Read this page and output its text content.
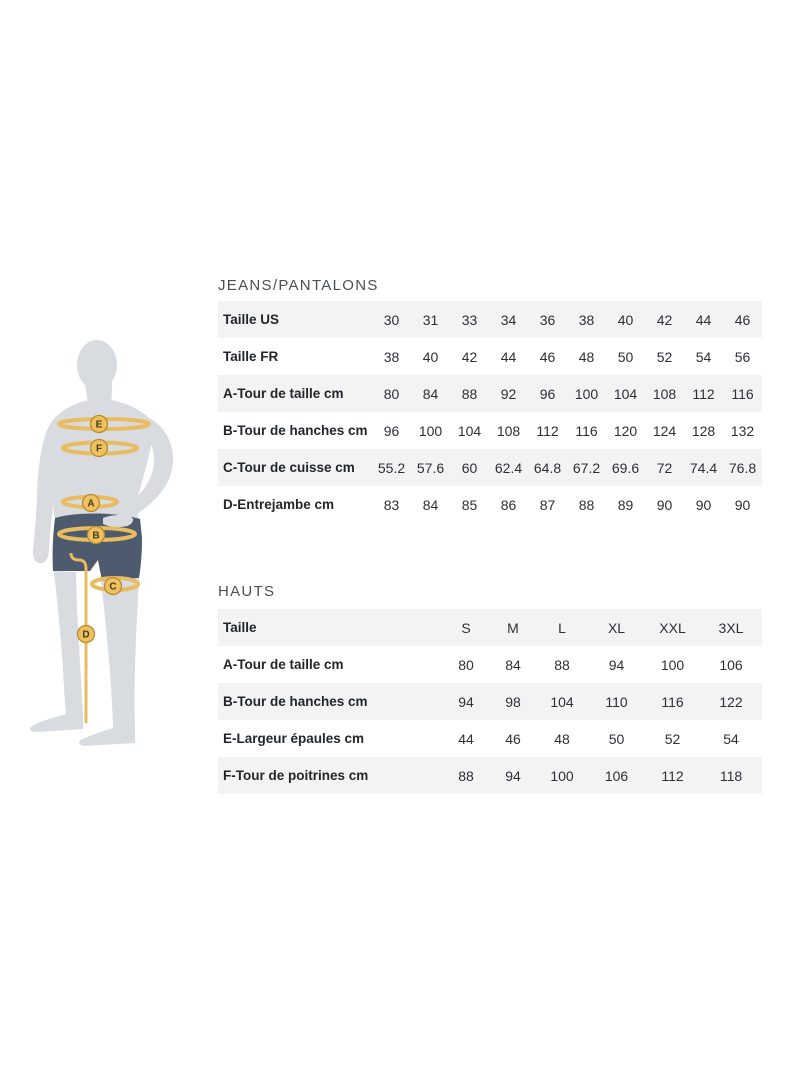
E
F
A
B
C
D
JEANS/PANTALONS
Taille US	30	31	33	34	36	38	40	42	44	46
Taille FR	38	40	42	44	46	48	50	52	54	56
A-Tour de taille cm	80	84	88	92	96	100	104	108	112	116
B-Tour de hanches cm	96	100	104	108	112	116	120	124	128	132
C-Tour de cuisse cm	55.2	57.6	60	62.4	64.8	67.2	69.6	72	74.4	76.8
D-Entrejambe cm	83	84	85	86	87	88	89	90	90	90
HAUTS
Taille	S	M	L	XL	XXL	3XL
A-Tour de taille cm	80	84	88	94	100	106
B-Tour de hanches cm	94	98	104	110	116	122
E-Largeur épaules cm	44	46	48	50	52	54
F-Tour de poitrines cm	88	94	100	106	112	118
